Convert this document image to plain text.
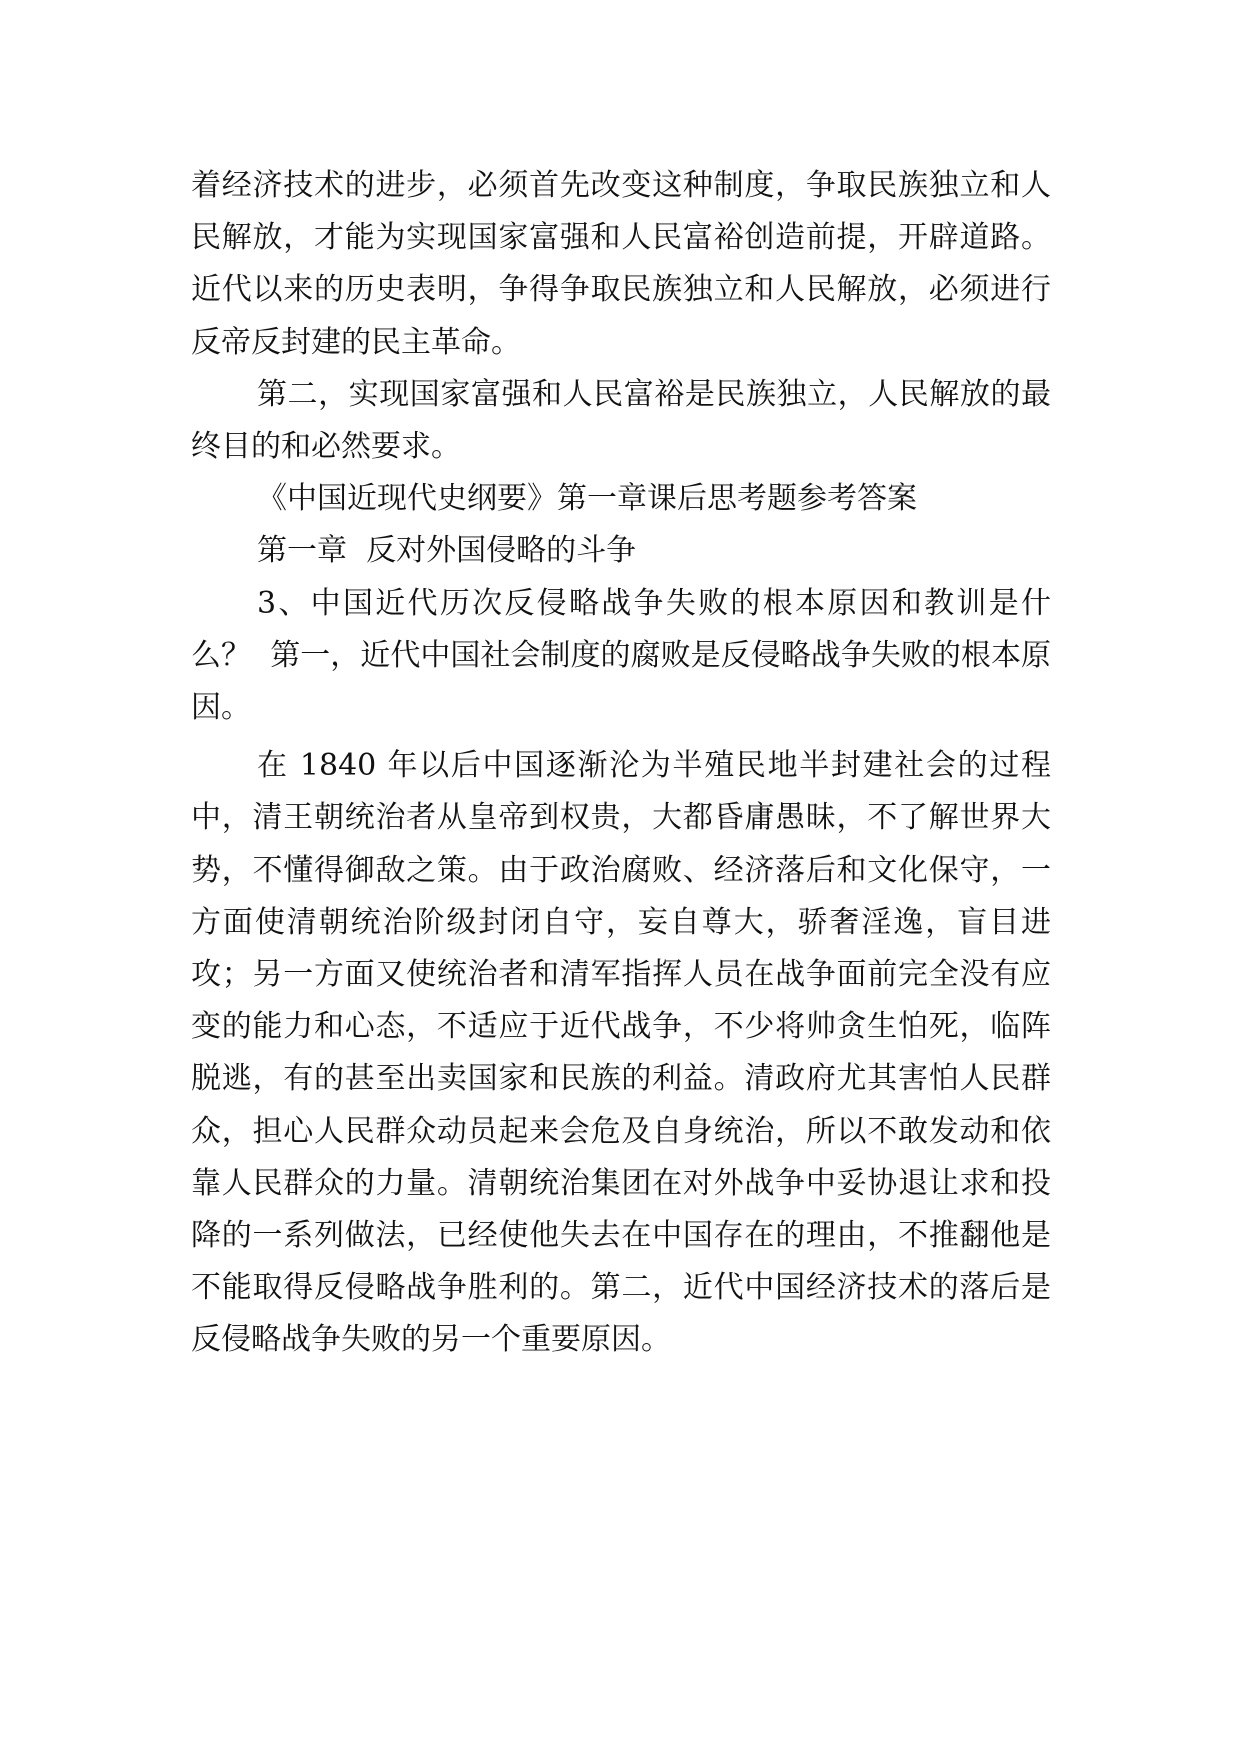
着经济技术的进步，必须首先改变这种制度，争取民族独立和人民解放，才能为实现国家富强和人民富裕创造前提，开辟道路。近代以来的历史表明，争得争取民族独立和人民解放，必须进行反帝反封建的民主革命。

第二，实现国家富强和人民富裕是民族独立，人民解放的最终目的和必然要求。

《中国近现代史纲要》第一章课后思考题参考答案

第一章  反对外国侵略的斗争

3、中国近代历次反侵略战争失败的根本原因和教训是什么？  第一，近代中国社会制度的腐败是反侵略战争失败的根本原因。

在 1840 年以后中国逐渐沦为半殖民地半封建社会的过程中，清王朝统治者从皇帝到权贵，大都昏庸愚昧，不了解世界大势，不懂得御敌之策。由于政治腐败、经济落后和文化保守，一方面使清朝统治阶级封闭自守，妄自尊大，骄奢淫逸，盲目进攻；另一方面又使统治者和清军指挥人员在战争面前完全没有应变的能力和心态，不适应于近代战争，不少将帅贪生怕死，临阵脱逃，有的甚至出卖国家和民族的利益。清政府尤其害怕人民群众，担心人民群众动员起来会危及自身统治，所以不敢发动和依靠人民群众的力量。清朝统治集团在对外战争中妥协退让求和投降的一系列做法，已经使他失去在中国存在的理由，不推翻他是不能取得反侵略战争胜利的。第二，近代中国经济技术的落后是反侵略战争失败的另一个重要原因。
